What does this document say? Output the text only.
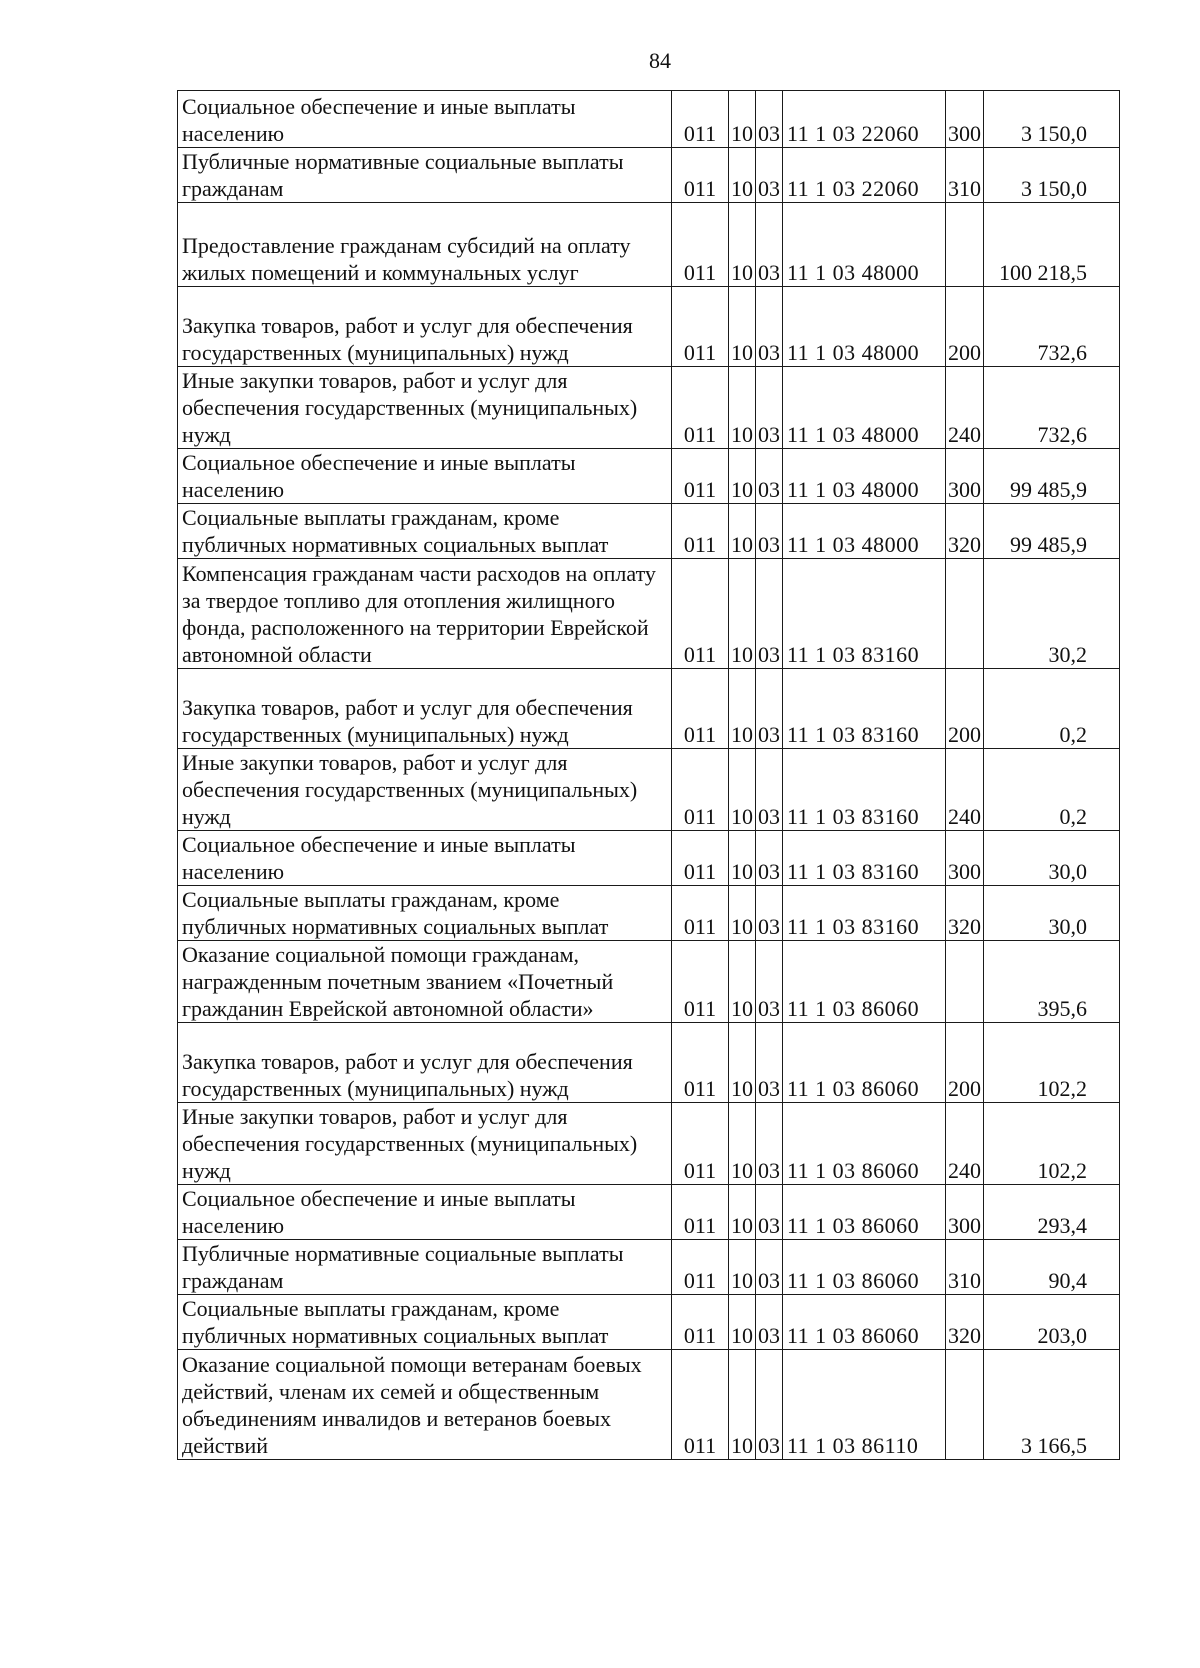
84
Социальное обеспечение и иные выплаты населению	011	10	03	11 1 03 22060	300	3 150,0
Публичные нормативные социальные выплаты гражданам	011	10	03	11 1 03 22060	310	3 150,0
Предоставление гражданам субсидий на оплату жилых помещений и коммунальных услуг	011	10	03	11 1 03 48000		100 218,5
Закупка товаров, работ и услуг для обеспечения государственных (муниципальных) нужд	011	10	03	11 1 03 48000	200	732,6
Иные закупки товаров, работ и услуг для обеспечения государственных (муниципальных) нужд	011	10	03	11 1 03 48000	240	732,6
Социальное обеспечение и иные выплаты населению	011	10	03	11 1 03 48000	300	99 485,9
Социальные выплаты гражданам, кроме публичных нормативных социальных выплат	011	10	03	11 1 03 48000	320	99 485,9
Компенсация гражданам части расходов на оплату за твердое топливо для отопления жилищного фонда, расположенного на территории Еврейской автономной области	011	10	03	11 1 03 83160		30,2
Закупка товаров, работ и услуг для обеспечения государственных (муниципальных) нужд	011	10	03	11 1 03 83160	200	0,2
Иные закупки товаров, работ и услуг для обеспечения государственных (муниципальных) нужд	011	10	03	11 1 03 83160	240	0,2
Социальное обеспечение и иные выплаты населению	011	10	03	11 1 03 83160	300	30,0
Социальные выплаты гражданам, кроме публичных нормативных социальных выплат	011	10	03	11 1 03 83160	320	30,0
Оказание социальной помощи гражданам, награжденным почетным званием «Почетный гражданин Еврейской автономной области»	011	10	03	11 1 03 86060		395,6
Закупка товаров, работ и услуг для обеспечения государственных (муниципальных) нужд	011	10	03	11 1 03 86060	200	102,2
Иные закупки товаров, работ и услуг для обеспечения государственных (муниципальных) нужд	011	10	03	11 1 03 86060	240	102,2
Социальное обеспечение и иные выплаты населению	011	10	03	11 1 03 86060	300	293,4
Публичные нормативные социальные выплаты гражданам	011	10	03	11 1 03 86060	310	90,4
Социальные выплаты гражданам, кроме публичных нормативных социальных выплат	011	10	03	11 1 03 86060	320	203,0
Оказание социальной помощи ветеранам боевых действий, членам их семей и общественным объединениям инвалидов и ветеранов боевых действий	011	10	03	11 1 03 86110		3 166,5
